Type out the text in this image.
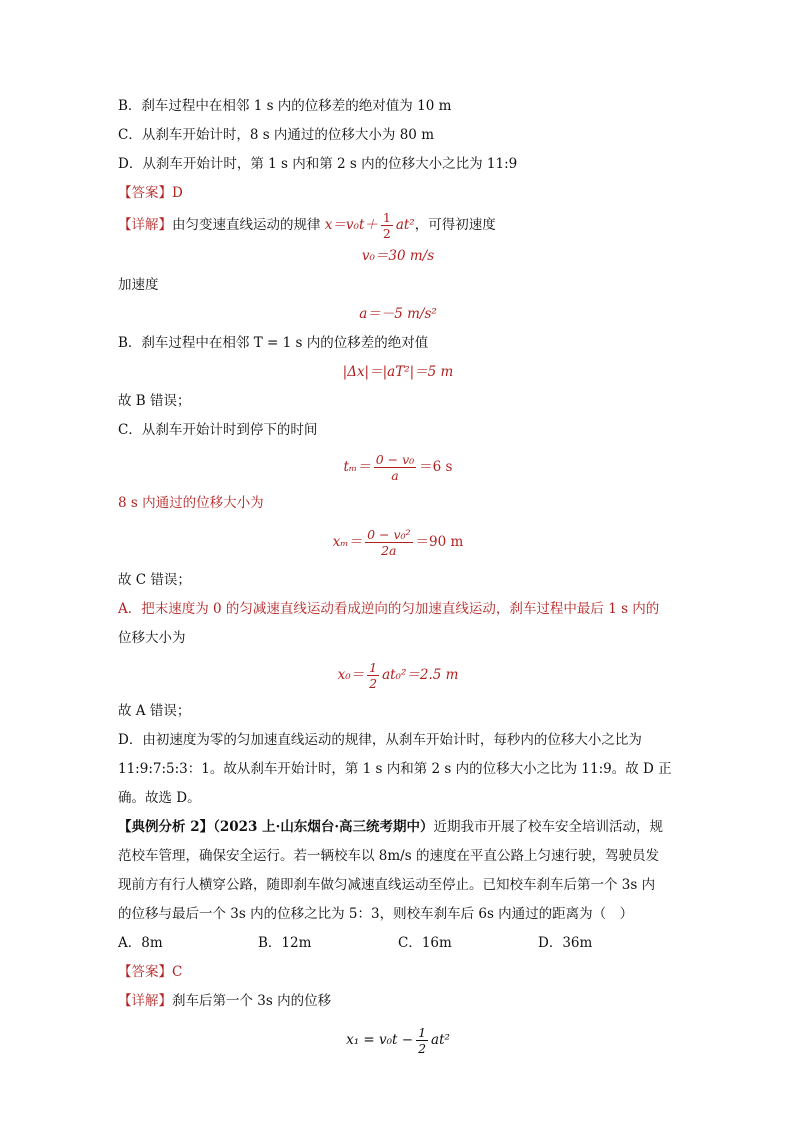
B．刹车过程中在相邻 1 s 内的位移差的绝对值为 10 m
C．从刹车开始计时，8 s 内通过的位移大小为 80 m
D．从刹车开始计时，第 1 s 内和第 2 s 内的位移大小之比为 11:9
【答案】D
【详解】由匀变速直线运动的规律 $x=v_0t+ \frac{1}{2} at^2$，可得初速度
v₀＝30 m/s
加速度
a＝－5 m/s²
B．刹车过程中在相邻 T = 1 s 内的位移差的绝对值
|Δx|＝|aT²|＝5 m
故 B 错误；
C．从刹车开始计时到停下的时间
$t_m= \frac{\text{0 − v₀}}{a} =6$ s
8 s 内通过的位移大小为
$x_m= \frac{\text{0 − v₀²}}{2a} =90$ m
故 C 错误；
A．把末速度为 0 的匀减速直线运动看成逆向的匀加速直线运动，刹车过程中最后 1 s 内的
位移大小为
$x_0= \frac{1}{2} at_0^2=2.5$ m
故 A 错误；
D．由初速度为零的匀加速直线运动的规律，从刹车开始计时，每秒内的位移大小之比为
11:9:7:5:3：1。故从刹车开始计时，第 1 s 内和第 2 s 内的位移大小之比为 11:9。故 D 正
确。故选 D。
【典例分析 2】（2023 上·山东烟台·高三统考期中）近期我市开展了校车安全培训活动，规
范校车管理，确保安全运行。若一辆校车以 8m/s 的速度在平直公路上匀速行驶，驾驶员发
现前方有行人横穿公路，随即刹车做匀减速直线运动至停止。已知校车刹车后第一个 3s 内
的位移与最后一个 3s 内的位移之比为 5：3，则校车刹车后 6s 内通过的距离为（　）
A．8m	B．12m	C．16m	D．36m
【答案】C
【详解】刹车后第一个 3s 内的位移
$x_1 = v_0t - \frac{1}{2} at^2$
